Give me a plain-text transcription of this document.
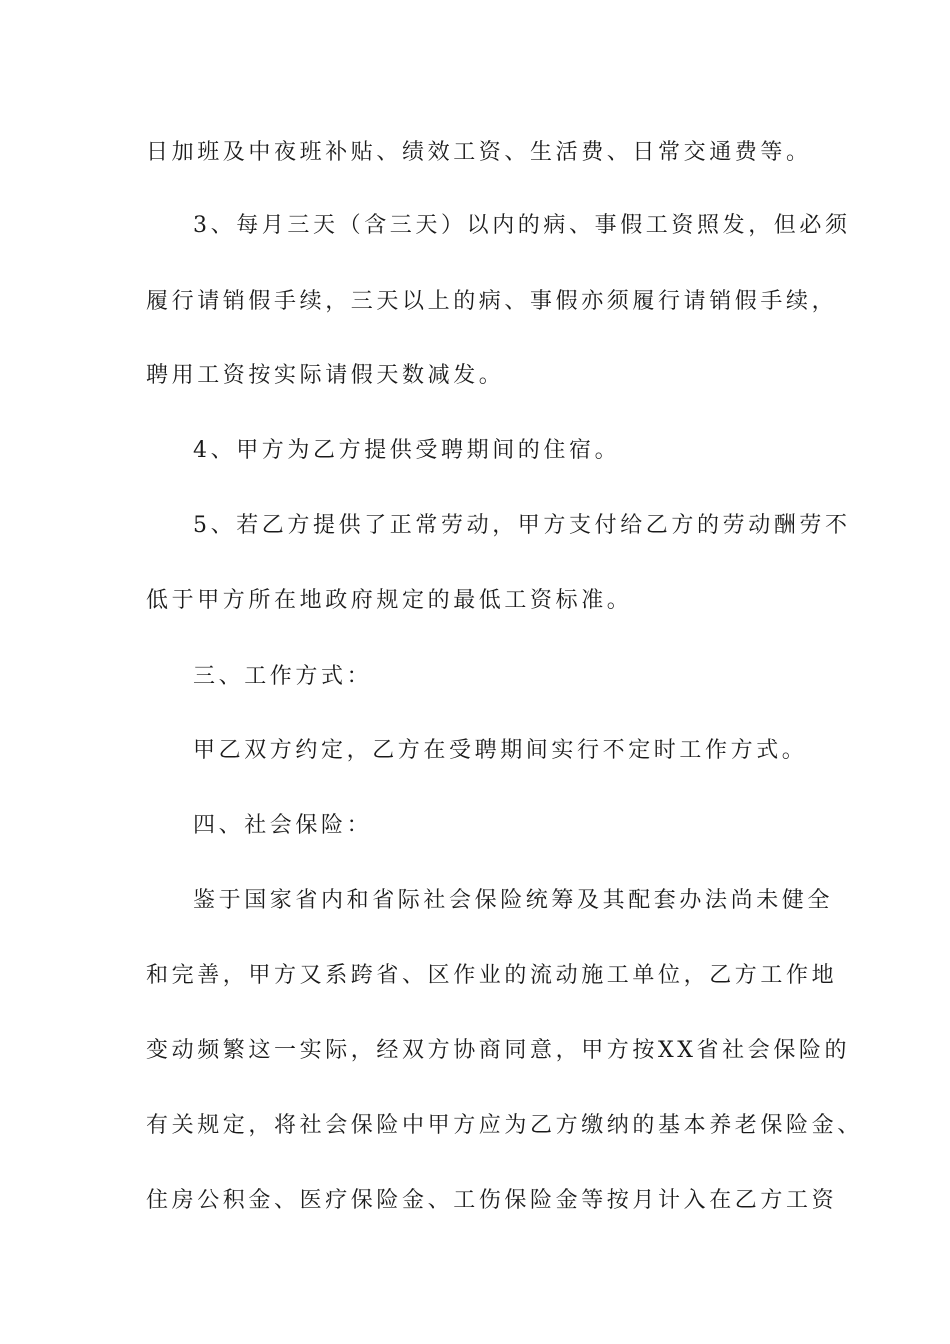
日加班及中夜班补贴、绩效工资、生活费、日常交通费等。
3、每月三天（含三天）以内的病、事假工资照发，但必须
履行请销假手续，三天以上的病、事假亦须履行请销假手续，
聘用工资按实际请假天数减发。
4、甲方为乙方提供受聘期间的住宿。
5、若乙方提供了正常劳动，甲方支付给乙方的劳动酬劳不
低于甲方所在地政府规定的最低工资标准。
三、工作方式：
甲乙双方约定，乙方在受聘期间实行不定时工作方式。
四、社会保险：
鉴于国家省内和省际社会保险统筹及其配套办法尚未健全
和完善，甲方又系跨省、区作业的流动施工单位，乙方工作地
变动频繁这一实际，经双方协商同意，甲方按XX省社会保险的
有关规定，将社会保险中甲方应为乙方缴纳的基本养老保险金、
住房公积金、医疗保险金、工伤保险金等按月计入在乙方工资
